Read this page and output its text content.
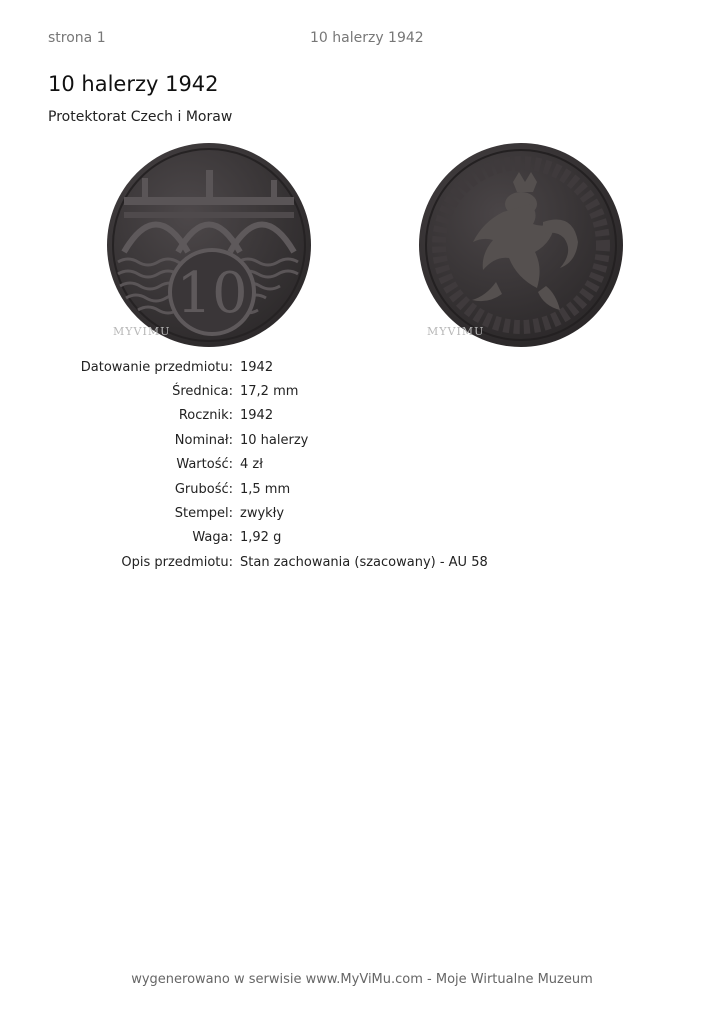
strona 1	10 halerzy 1942
10 halerzy 1942
Protektorat Czech i Moraw
10
MYVIMU	MYVIMU
Datowanie przedmiotu:	1942
Średnica:	17,2 mm
Rocznik:	1942
Nominał:	10 halerzy
Wartość:	4 zł
Grubość:	1,5 mm
Stempel:	zwykły
Waga:	1,92 g
Opis przedmiotu:	Stan zachowania (szacowany) - AU 58
wygenerowano w serwisie www.MyViMu.com - Moje Wirtualne Muzeum
